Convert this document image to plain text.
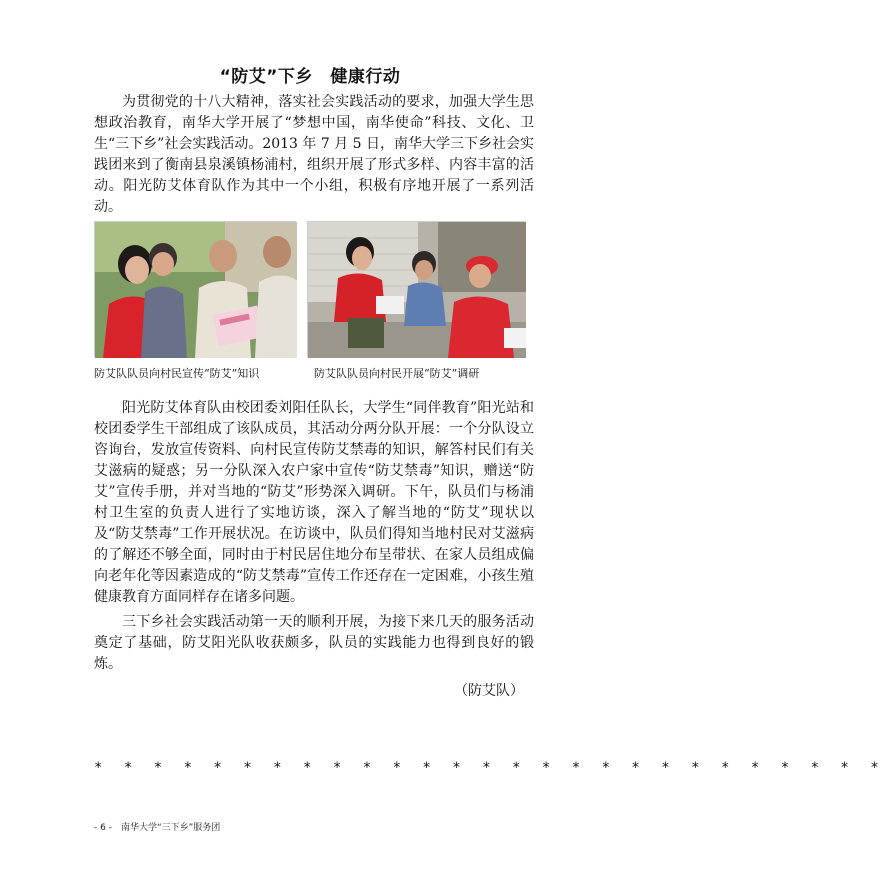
“防艾”下乡　健康行动

为贯彻党的十八大精神，落实社会实践活动的要求，加强大学生思想政治教育，南华大学开展了“梦想中国，南华使命”科技、文化、卫生“三下乡”社会实践活动。2013 年 7 月 5 日，南华大学三下乡社会实践团来到了衡南县泉溪镇杨浦村，组织开展了形式多样、内容丰富的活动。阳光防艾体育队作为其中一个小组，积极有序地开展了一系列活动。

防艾队队员向村民宣传“防艾”知识	防艾队队员向村民开展“防艾”调研

阳光防艾体育队由校团委刘阳任队长，大学生“同伴教育”阳光站和校团委学生干部组成了该队成员，其活动分两分队开展：一个分队设立咨询台，发放宣传资料、向村民宣传防艾禁毒的知识，解答村民们有关艾滋病的疑惑；另一分队深入农户家中宣传“防艾禁毒”知识，赠送“防艾”宣传手册，并对当地的“防艾”形势深入调研。下午，队员们与杨浦村卫生室的负责人进行了实地访谈，深入了解当地的“防艾”现状以及“防艾禁毒”工作开展状况。在访谈中，队员们得知当地村民对艾滋病的了解还不够全面，同时由于村民居住地分布呈带状、在家人员组成偏向老年化等因素造成的“防艾禁毒”宣传工作还存在一定困难，小孩生殖健康教育方面同样存在诸多问题。

三下乡社会实践活动第一天的顺利开展，为接下来几天的服务活动奠定了基础，防艾阳光队收获颇多，队员的实践能力也得到良好的锻炼。

（防艾队）
* * * * * * * * * * * * * * * * * * * * * * * * * * *
- 6 -　南华大学“三下乡”服务团
